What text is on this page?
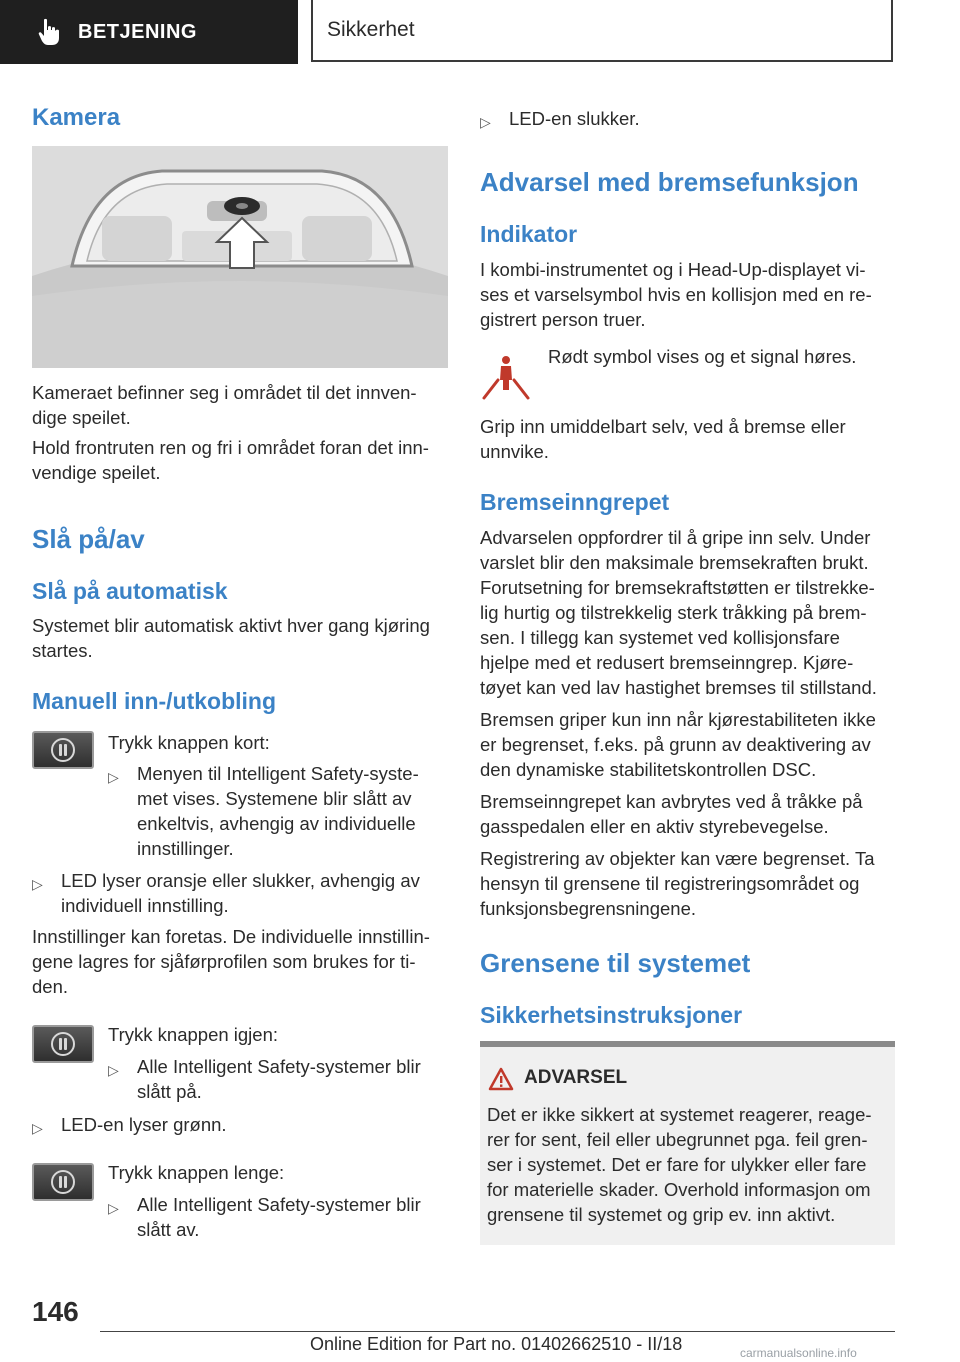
BETJENING	Sikkerhet
Kamera

Kameraet befinner seg i området til det innven-

dige speilet.

Hold frontruten ren og fri i området foran det inn-

vendige speilet.

Slå på/av
Slå på automatisk

Systemet blir automatisk aktivt hver gang kjøring

startes.

Manuell inn-/utkobling

Trykk knappen kort:

▷ Menyen til Intelligent Safety-syste-

met vises. Systemene blir slått av

enkeltvis, avhengig av individuelle

innstillinger.

▷ LED lyser oransje eller slukker, avhengig av

individuell innstilling.

Innstillinger kan foretas. De individuelle innstillin-

gene lagres for sjåførprofilen som brukes for ti-

den.

Trykk knappen igjen:

▷ Alle Intelligent Safety-systemer blir

slått på.

▷ LED-en lyser grønn.

Trykk knappen lenge:

▷ Alle Intelligent Safety-systemer blir

slått av.

▷ LED-en slukker.

Advarsel med bremsefunksjon
Indikator

I kombi-instrumentet og i Head-Up-displayet vi-

ses et varselsymbol hvis en kollisjon med en re-

gistrert person truer.

Rødt symbol vises og et signal høres.

Grip inn umiddelbart selv, ved å bremse eller

unnvike.

Bremseinngrepet

Advarselen oppfordrer til å gripe inn selv. Under

varslet blir den maksimale bremsekraften brukt.

Forutsetning for bremsekraftstøtten er tilstrekke-

lig hurtig og tilstrekkelig sterk tråkking på brem-

sen. I tillegg kan systemet ved kollisjonsfare

hjelpe med et redusert bremseinngrep. Kjøre-

tøyet kan ved lav hastighet bremses til stillstand.

Bremsen griper kun inn når kjørestabiliteten ikke

er begrenset, f.eks. på grunn av deaktivering av

den dynamiske stabilitetskontrollen DSC.

Bremseinngrepet kan avbrytes ved å tråkke på

gasspedalen eller en aktiv styrebevegelse.

Registrering av objekter kan være begrenset. Ta

hensyn til grensene til registreringsområdet og

funksjonsbegrensningene.

Grensene til systemet
Sikkerhetsinstruksjoner
ADVARSEL

Det er ikke sikkert at systemet reagerer, reage-

rer for sent, feil eller ubegrunnet pga. feil gren-

ser i systemet. Det er fare for ulykker eller fare

for materielle skader. Overhold informasjon om

grensene til systemet og grip ev. inn aktivt.

146
Online Edition for Part no. 01402662510 - II/18	carmanualsonline.info
